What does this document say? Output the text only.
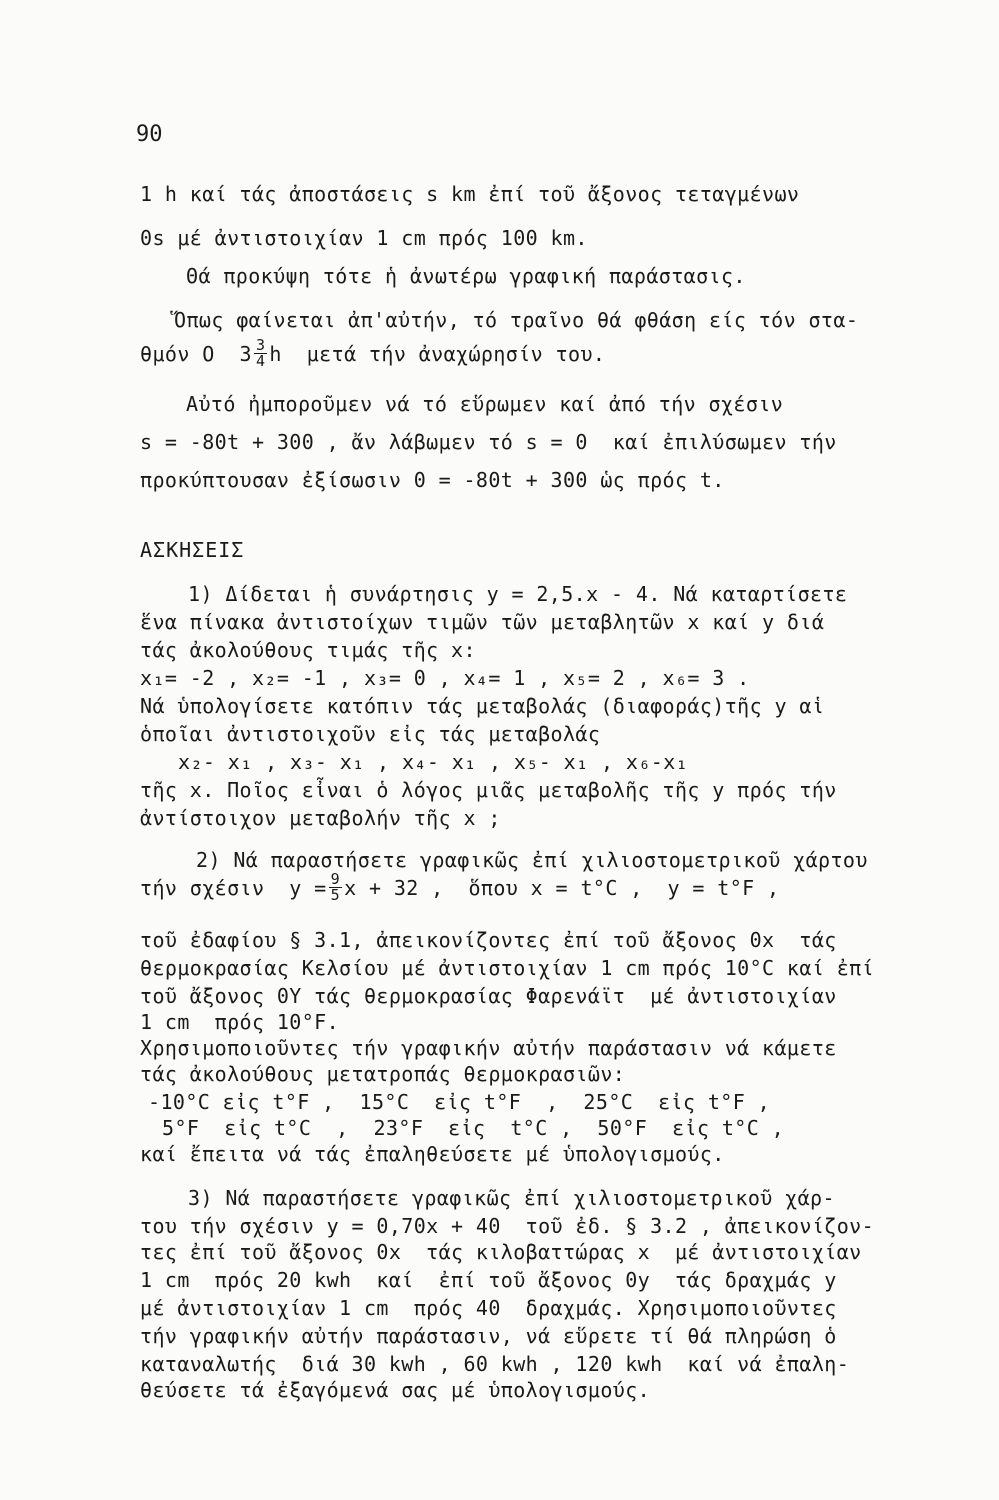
90
1 h καί τάς ἀποστάσεις s km ἐπί τοῦ ἄξονος τεταγμένων
0s μέ ἀντιστοιχίαν 1 cm πρός 100 km.
Θά προκύψη τότε ἡ ἀνωτέρω γραφική παράστασις.
Ὅπως φαίνεται ἀπ'αὐτήν, τό τραῖνο θά φθάση είς τόν στα-
θμόν Ο  $3 \frac{3}{4}$ h  μετά τήν ἀναχώρησίν του.
Αὐτό ἠμποροῦμεν νά τό εὕρωμεν καί ἀπό τήν σχέσιν
s = -80t + 300 , ἄν λάβωμεν τό s = 0  καί ἐπιλύσωμεν τήν
προκύπτουσαν ἐξίσωσιν 0 = -80t + 300 ὡς πρός t.
ΑΣΚΗΣΕΙΣ
1) Δίδεται ἡ συνάρτησις y = 2,5.x - 4. Νά καταρτίσετε
ἕνα πίνακα ἀντιστοίχων τιμῶν τῶν μεταβλητῶν x καί y διά
τάς ἀκολούθους τιμάς τῆς x:
x₁= -2 , x₂= -1 , x₃= 0 , x₄= 1 , x₅= 2 , x₆= 3 .
Νά ὑπολογίσετε κατόπιν τάς μεταβολάς (διαφοράς)τῆς y αἱ
ὁποῖαι ἀντιστοιχοῦν εἰς τάς μεταβολάς
x₂- x₁ , x₃- x₁ , x₄- x₁ , x₅- x₁ , x₆-x₁
τῆς x. Ποῖος εἶναι ὁ λόγος μιᾶς μεταβολῆς τῆς y πρός τήν
ἀντίστοιχον μεταβολήν τῆς x ;
2) Νά παραστήσετε γραφικῶς ἐπί χιλιοστομετρικοῦ χάρτου
τήν σχέσιν  $y = \frac{9}{5}$ x + 32 ,  ὅπου x = t°C ,  y = t°F ,
τοῦ ἐδαφίου § 3.1, ἀπεικονίζοντες ἐπί τοῦ ἄξονος 0x  τάς
θερμοκρασίας Κελσίου μέ ἀντιστοιχίαν 1 cm πρός 10°C καί ἐπί
τοῦ ἄξονος 0Y τάς θερμοκρασίας Φαρενάϊτ  μέ ἀντιστοιχίαν
1 cm  πρός 10°F.
Χρησιμοποιοῦντες τήν γραφικήν αὐτήν παράστασιν νά κάμετε
τάς ἀκολούθους μετατροπάς θερμοκρασιῶν:
-10°C εἰς t°F ,  15°C  εἰς t°F  ,  25°C  εἰς t°F ,
5°F  εἰς t°C  ,  23°F  εἰς  t°C ,  50°F  εἰς t°C ,
καί ἔπειτα νά τάς ἐπαληθεύσετε μέ ὑπολογισμούς.
3) Νά παραστήσετε γραφικῶς ἐπί χιλιοστομετρικοῦ χάρ-
του τήν σχέσιν y = 0,70x + 40  τοῦ ἐδ. § 3.2 , ἀπεικονίζον-
τες ἐπί τοῦ ἄξονος 0x  τάς κιλοβαττώρας x  μέ ἀντιστοιχίαν
1 cm  πρός 20 kwh  καί  ἐπί τοῦ ἄξονος 0y  τάς δραχμάς y
μέ ἀντιστοιχίαν 1 cm  πρός 40  δραχμάς. Χρησιμοποιοῦντες
τήν γραφικήν αὐτήν παράστασιν, νά εὕρετε τί θά πληρώση ὁ
καταναλωτής  διά 30 kwh , 60 kwh , 120 kwh  καί νά ἐπαλη-
θεύσετε τά ἐξαγόμενά σας μέ ὑπολογισμούς.
